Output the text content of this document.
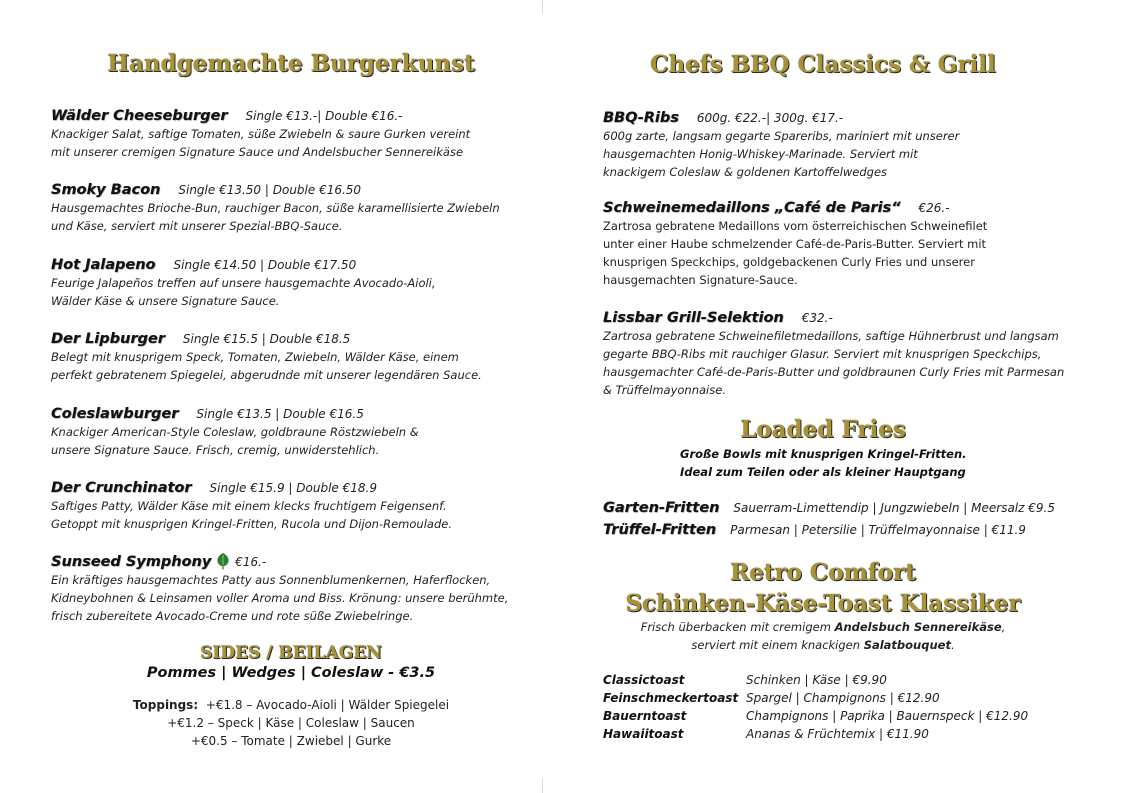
Handgemachte Burgerkunst
Wälder Cheeseburger Single €13.-| Double €16.-
Knackiger Salat, saftige Tomaten, süße Zwiebeln & saure Gurken vereint
mit unserer cremigen Signature Sauce und Andelsbucher Sennereikäse
Smoky Bacon Single €13.50 | Double €16.50
Hausgemachtes Brioche-Bun, rauchiger Bacon, süße karamellisierte Zwiebeln
und Käse, serviert mit unserer Spezial-BBQ-Sauce.
Hot Jalapeno Single €14.50 | Double €17.50
Feurige Jalapeños treffen auf unsere hausgemachte Avocado-Aioli,
Wälder Käse & unsere Signature Sauce.
Der Lipburger Single €15.5 | Double €18.5
Belegt mit knusprigem Speck, Tomaten, Zwiebeln, Wälder Käse, einem
perfekt gebratenem Spiegelei, abgerudnde mit unserer legendären Sauce.
Coleslawburger Single €13.5 | Double €16.5
Knackiger American-Style Coleslaw, goldbraune Röstzwiebeln &
unsere Signature Sauce. Frisch, cremig, unwiderstehlich.
Der Crunchinator Single €15.9 | Double €18.9
Saftiges Patty, Wälder Käse mit einem klecks fruchtigem Feigensenf.
Getoppt mit knusprigen Kringel-Fritten, Rucola und Dijon-Remoulade.
Sunseed Symphony €16.-
Ein kräftiges hausgemachtes Patty aus Sonnenblumenkernen, Haferflocken,
Kidneybohnen & Leinsamen voller Aroma und Biss. Krönung: unsere berühmte,
frisch zubereitete Avocado-Creme und rote süße Zwiebelringe.
SIDES / BEILAGEN
Pommes | Wedges | Coleslaw - €3.5
Toppings: +€1.8 – Avocado-Aioli | Wälder Spiegelei
+€1.2 – Speck | Käse | Coleslaw | Saucen
+€0.5 – Tomate | Zwiebel | Gurke
Chefs BBQ Classics & Grill
BBQ-Ribs 600g. €22.-| 300g. €17.-
600g zarte, langsam gegarte Spareribs, mariniert mit unserer
hausgemachten Honig-Whiskey-Marinade. Serviert mit
knackigem Coleslaw & goldenen Kartoffelwedges
Schweinemedaillons „Café de Paris“ €26.-
Zartrosa gebratene Medaillons vom österreichischen Schweinefilet
unter einer Haube schmelzender Café-de-Paris-Butter. Serviert mit
knusprigen Speckchips, goldgebackenen Curly Fries und unserer
hausgemachten Signature-Sauce.
Lissbar Grill-Selektion €32.-
Zartrosa gebratene Schweinefiletmedaillons, saftige Hühnerbrust und langsam
gegarte BBQ-Ribs mit rauchiger Glasur. Serviert mit knusprigen Speckchips,
hausgemachter Café-de-Paris-Butter und goldbraunen Curly Fries mit Parmesan
& Trüffelmayonnaise.
Loaded Fries
Große Bowls mit knusprigen Kringel-Fritten.
Ideal zum Teilen oder als kleiner Hauptgang
Garten-Fritten Sauerram-Limettendip | Jungzwiebeln | Meersalz €9.5
Trüffel-Fritten Parmesan | Petersilie | Trüffelmayonnaise | €11.9
Retro Comfort
Schinken-Käse-Toast Klassiker
Frisch überbacken mit cremigem Andelsbuch Sennereikäse,
serviert mit einem knackigen Salatbouquet.
Classictoast	Schinken | Käse | €9.90
Feinschmeckertoast Spargel | Champignons | €12.90
Bauerntoast	Champignons | Paprika | Bauernspeck | €12.90
Hawaiitoast	Ananas & Früchtemix | €11.90
